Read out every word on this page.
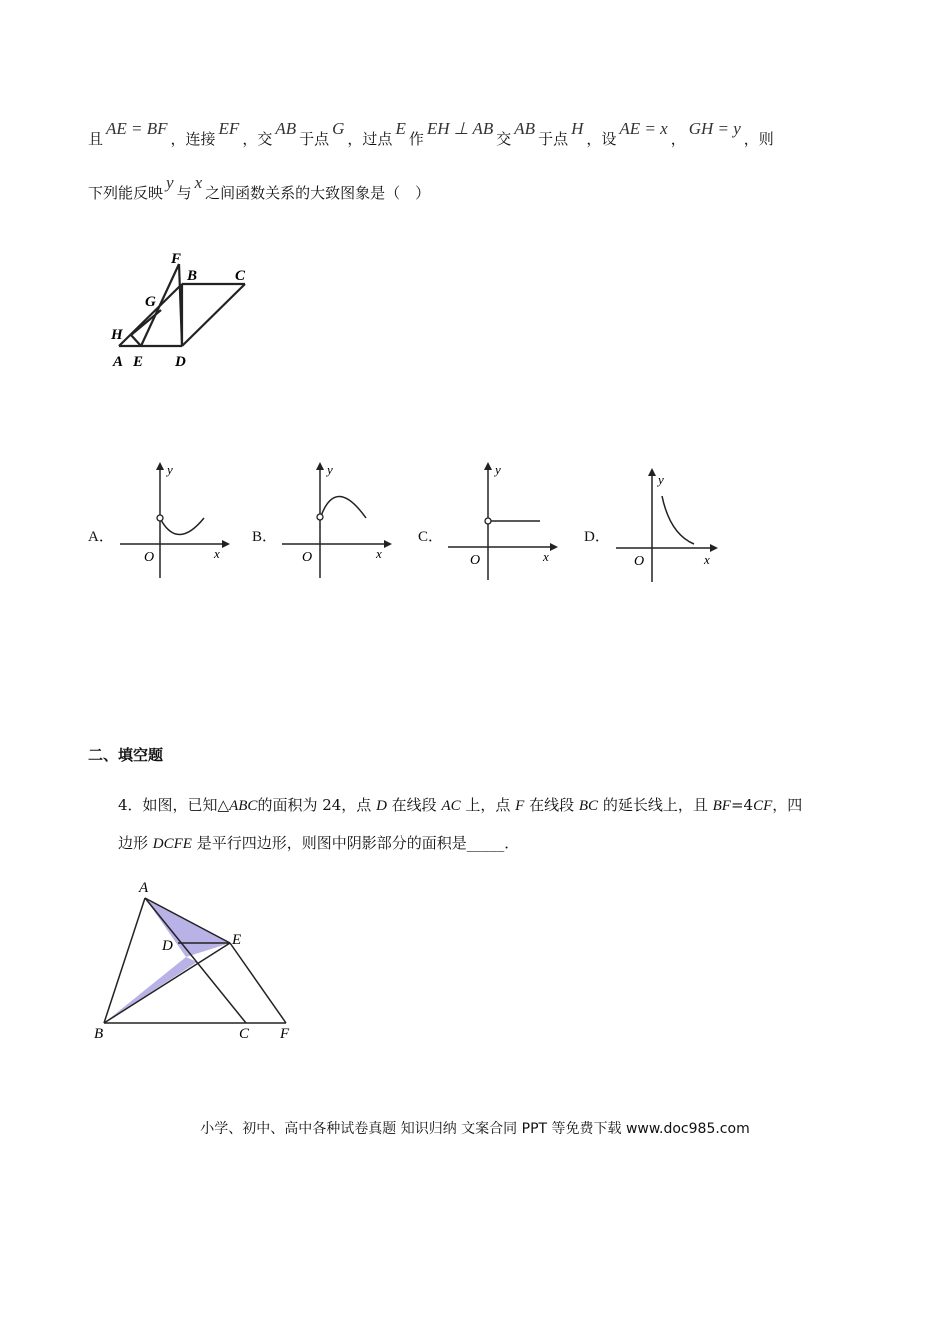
且AE = BF，连接EF，交AB于点G，过点E作EH ⊥ AB交AB于点H，设AE = x，GH = y，则
下列能反映y与x之间函数关系的大致图象是（　）
F
B	C
G
H
A E D
A．
y
x
O
B．
y
x
O
C．
y
x
O
D．
y
x
O
二、填空题
4．如图，已知△ABC的面积为 24，点 D 在线段 AC 上，点 F 在线段 BC 的延长线上，且 BF=4CF，四
边形 DCFE 是平行四边形，则图中阴影部分的面积是_____．
A
D	E
B	C F
小学、初中、高中各种试卷真题 知识归纳 文案合同 PPT 等免费下载 www.doc985.com
